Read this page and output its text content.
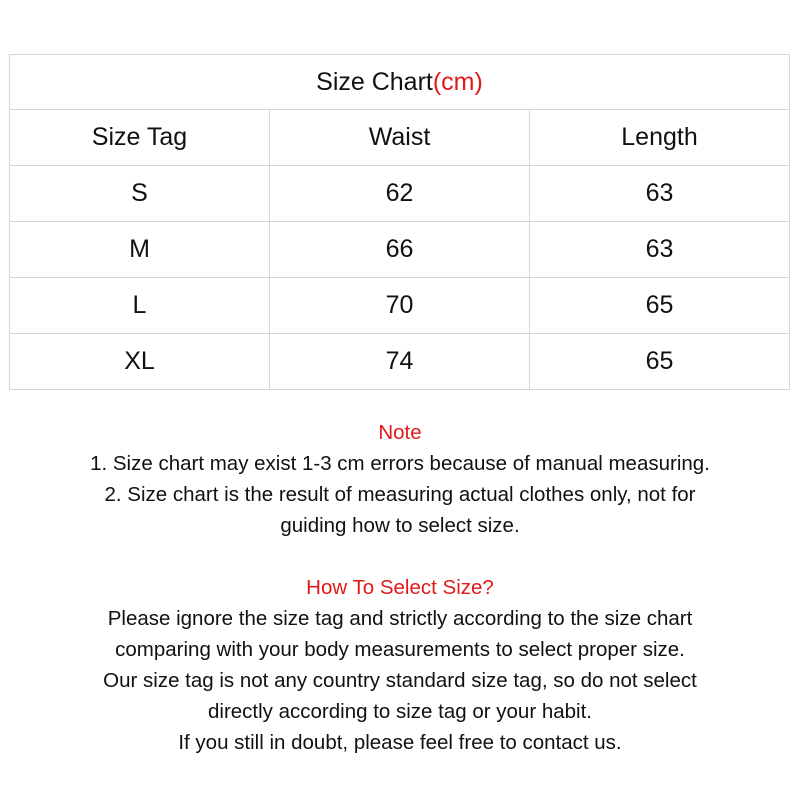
Size Chart(cm)		
Size Tag	Waist	Length
S	62	63
M	66	63
L	70	65
XL	74	65
Note
1. Size chart may exist 1-3 cm errors because of manual measuring.
2. Size chart is the result of measuring actual clothes only, not for
guiding how to select size.
How To Select Size?
Please ignore the size tag and strictly according to the size chart
comparing with your body measurements to select proper size.
Our size tag is not any country standard size tag, so do not select
directly according to size tag or your habit.
If you still in doubt, please feel free to contact us.
